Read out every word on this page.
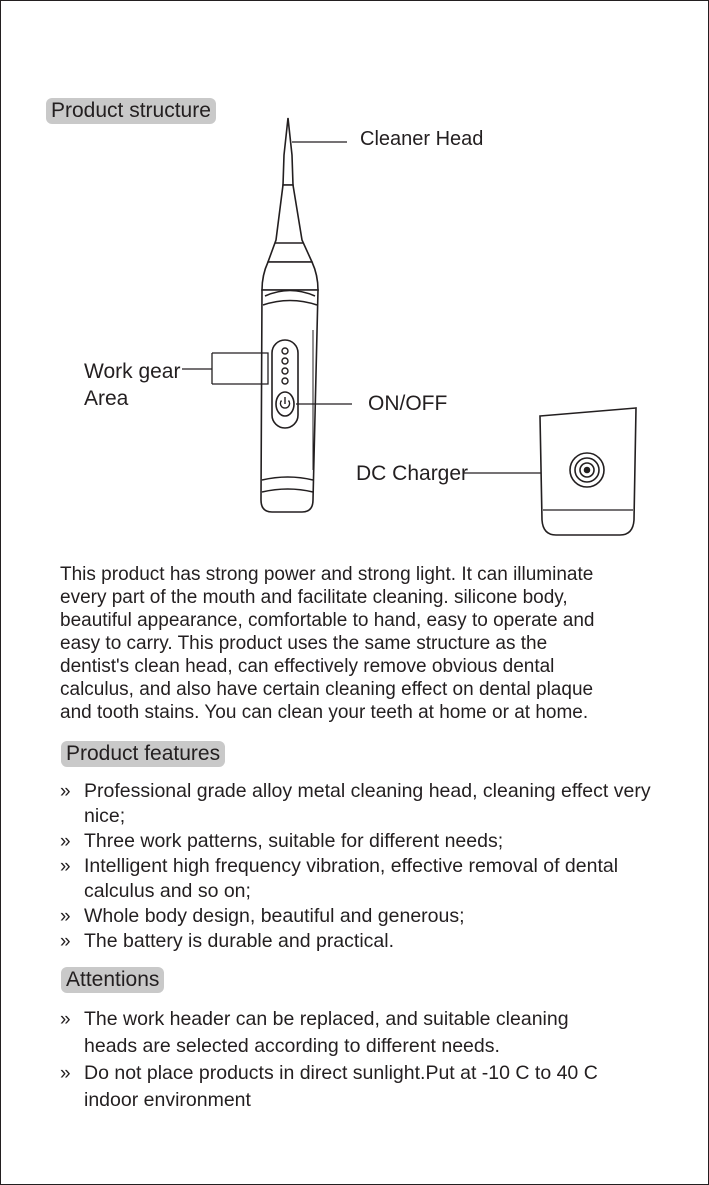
Product structure
Cleaner Head
Work gear
Area	ON/OFF
DC Charger
This product has strong power and strong light. It can illuminate
every part of the mouth and facilitate cleaning. silicone body,
beautiful appearance, comfortable to hand, easy to operate and
easy to carry. This product uses the same structure as the
dentist's clean head, can effectively remove obvious dental
calculus, and also have certain cleaning effect on dental plaque
and tooth stains. You can clean your teeth at home or at home.
Product features
» Professional grade alloy metal cleaning head, cleaning effect very
nice;
» Three work patterns, suitable for different needs;
» Intelligent high frequency vibration, effective removal of dental
calculus and so on;
» Whole body design, beautiful and generous;
» The battery is durable and practical.
Attentions
» The work header can be replaced, and suitable cleaning
heads are selected according to different needs.
» Do not place products in direct sunlight.Put at -10 C to 40 C
indoor environment
